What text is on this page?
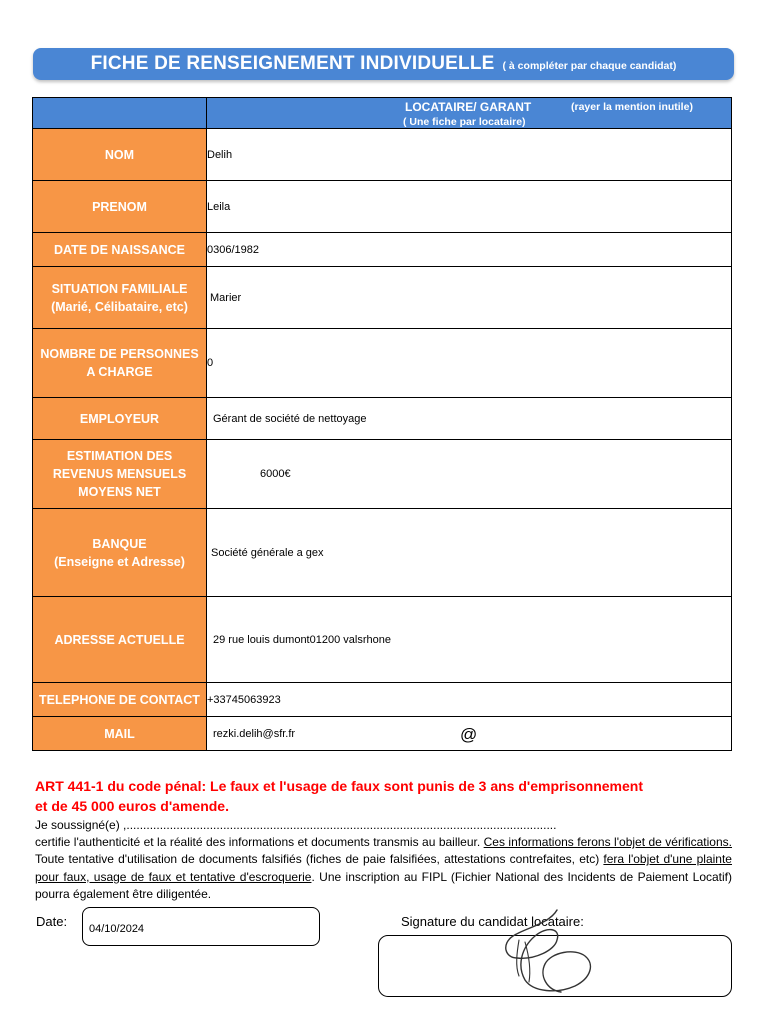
FICHE DE RENSEIGNEMENT INDIVIDUELLE ( à compléter par chaque candidat)

	LOCATAIRE/ GARANT (rayer la mention inutile)
( Une fiche par locataire)

NOM	Delih
PRENOM	Leila
DATE DE NAISSANCE	0306/1982

SITUATION FAMILIALE
(Marié, Célibataire, etc)	Marier

NOMBRE DE PERSONNES
A CHARGE	0
EMPLOYEUR	Gérant de société de nettoyage

ESTIMATION DES
REVENUS MENSUELS
MOYENS NET	6000€

BANQUE
(Enseigne et Adresse)	Société générale a gex
ADRESSE ACTUELLE	29 rue louis dumont01200 valsrhone
TELEPHONE DE CONTACT	+33745063923
MAIL	rezki.delih@sfr.fr	@
ART 441-1 du code pénal: Le faux et l'usage de faux sont punis de 3 ans d'emprisonnement
et de 45 000 euros d'amende.
Je soussigné(e) ,.................................................................................................................................
certifie l'authenticité et la réalité des informations et documents transmis au bailleur. Ces informations ferons l'objet de vérifications. Toute tentative d'utilisation de documents falsifiés (fiches de paie falsifiées, attestations contrefaites, etc) fera l'objet d'une plainte pour faux, usage de faux et tentative d'escroquerie. Une inscription au FIPL (Fichier National des Incidents de Paiement Locatif) pourra également être diligentée.
Date: 04/10/2024	Signature du candidat locataire:
